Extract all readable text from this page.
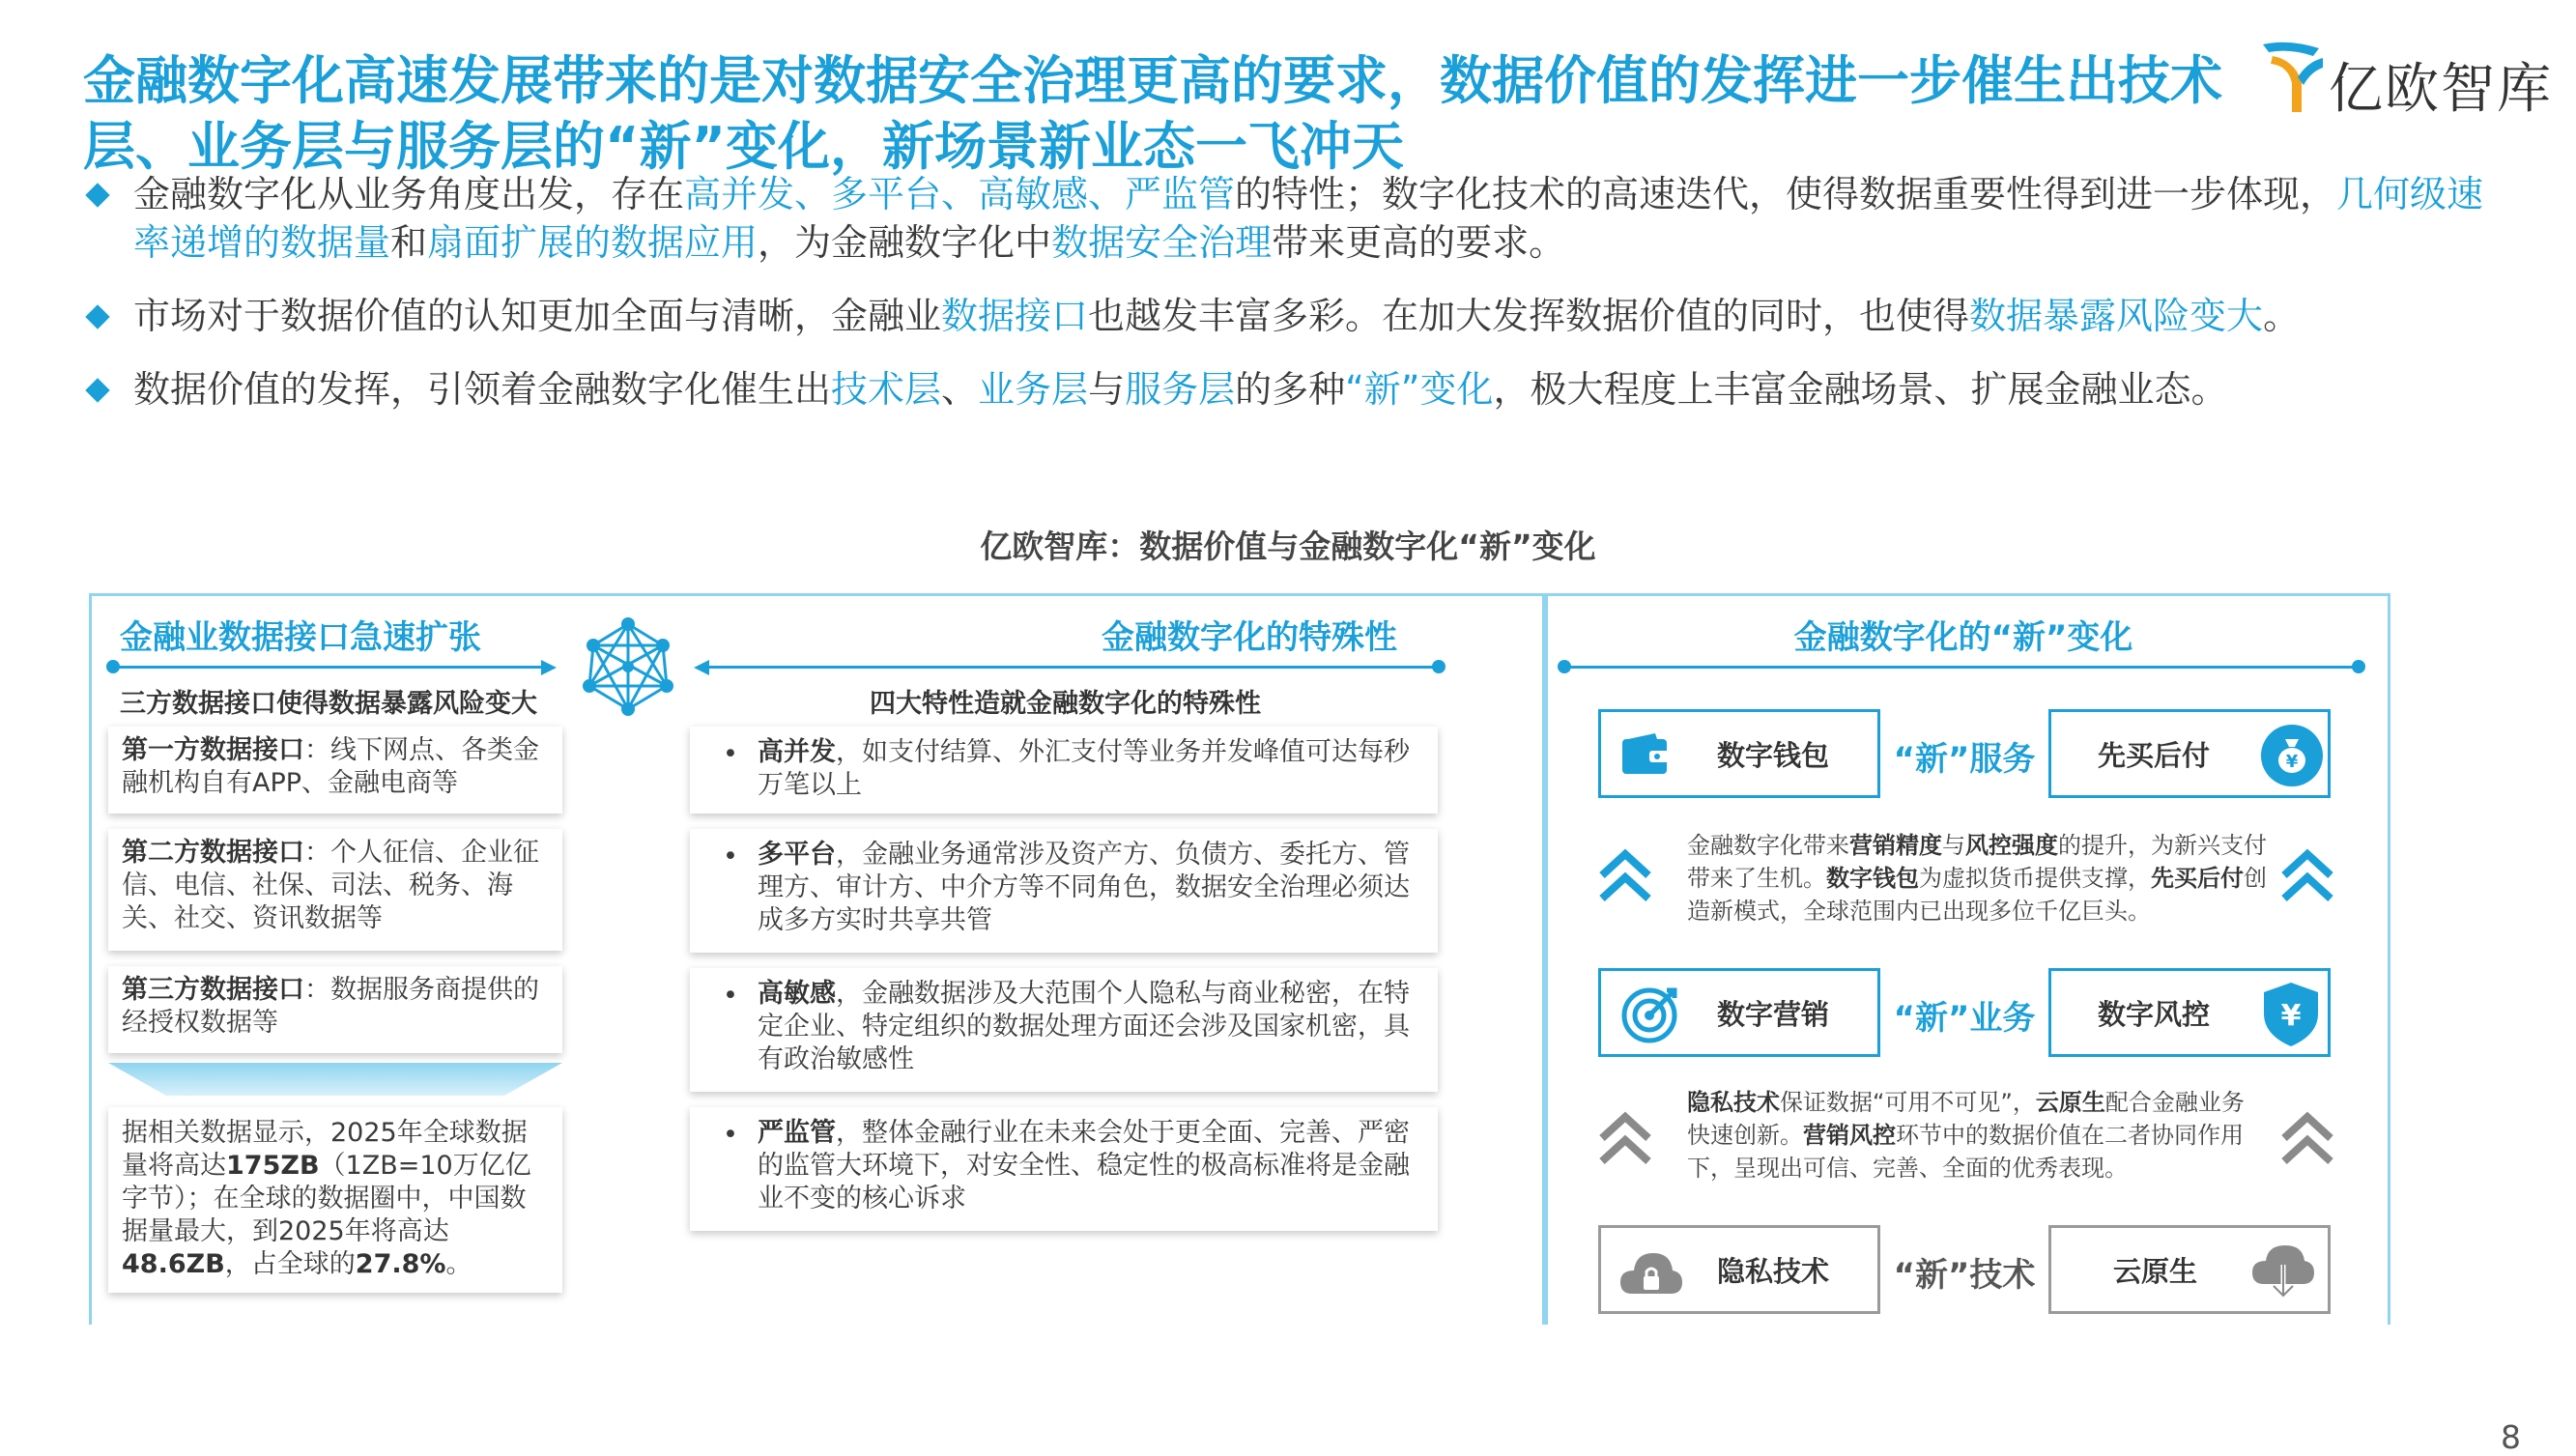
金融数字化高速发展带来的是对数据安全治理更高的要求，数据价值的发挥进一步催生出技术层、业务层与服务层的“新”变化，新场景新业态一飞冲天
亿欧智库
金融数字化从业务角度出发，存在高并发、多平台、高敏感、严监管的特性；数字化技术的高速迭代，使得数据重要性得到进一步体现，几何级速率递增的数据量和扇面扩展的数据应用，为金融数字化中数据安全治理带来更高的要求。
市场对于数据价值的认知更加全面与清晰，金融业数据接口也越发丰富多彩。在加大发挥数据价值的同时，也使得数据暴露风险变大。
数据价值的发挥，引领着金融数字化催生出技术层、业务层与服务层的多种“新”变化，极大程度上丰富金融场景、扩展金融业态。
亿欧智库：数据价值与金融数字化“新”变化
金融业数据接口急速扩张	金融数字化的特殊性
三方数据接口使得数据暴露风险变大
第一方数据接口：线下网点、各类金融机构自有APP、金融电商等
第二方数据接口：个人征信、企业征信、电信、社保、司法、税务、海关、社交、资讯数据等
第三方数据接口：数据服务商提供的经授权数据等
据相关数据显示，2025年全球数据量将高达175ZB（1ZB=10万亿亿字节）；在全球的数据圈中，中国数据量最大，到2025年将高达48.6ZB，占全球的27.8%。
四大特性造就金融数字化的特殊性
• 高并发，如支付结算、外汇支付等业务并发峰值可达每秒万笔以上
• 多平台，金融业务通常涉及资产方、负债方、委托方、管理方、审计方、中介方等不同角色，数据安全治理必须达成多方实时共享共管
• 高敏感，金融数据涉及大范围个人隐私与商业秘密，在特定企业、特定组织的数据处理方面还会涉及国家机密，具有政治敏感性
• 严监管，整体金融行业在未来会处于更全面、完善、严密的监管大环境下，对安全性、稳定性的极高标准将是金融业不变的核心诉求
金融数字化的“新”变化
数字钱包	“新”服务	先买后付	¥
金融数字化带来营销精度与风控强度的提升，为新兴支付带来了生机。数字钱包为虚拟货币提供支撑，先买后付创造新模式，全球范围内已出现多位千亿巨头。
数字营销	“新”业务	数字风控 ¥
隐私技术保证数据“可用不可见”，云原生配合金融业务快速创新。营销风控环节中的数据价值在二者协同作用下，呈现出可信、完善、全面的优秀表现。
隐私技术	“新”技术	云原生
8
